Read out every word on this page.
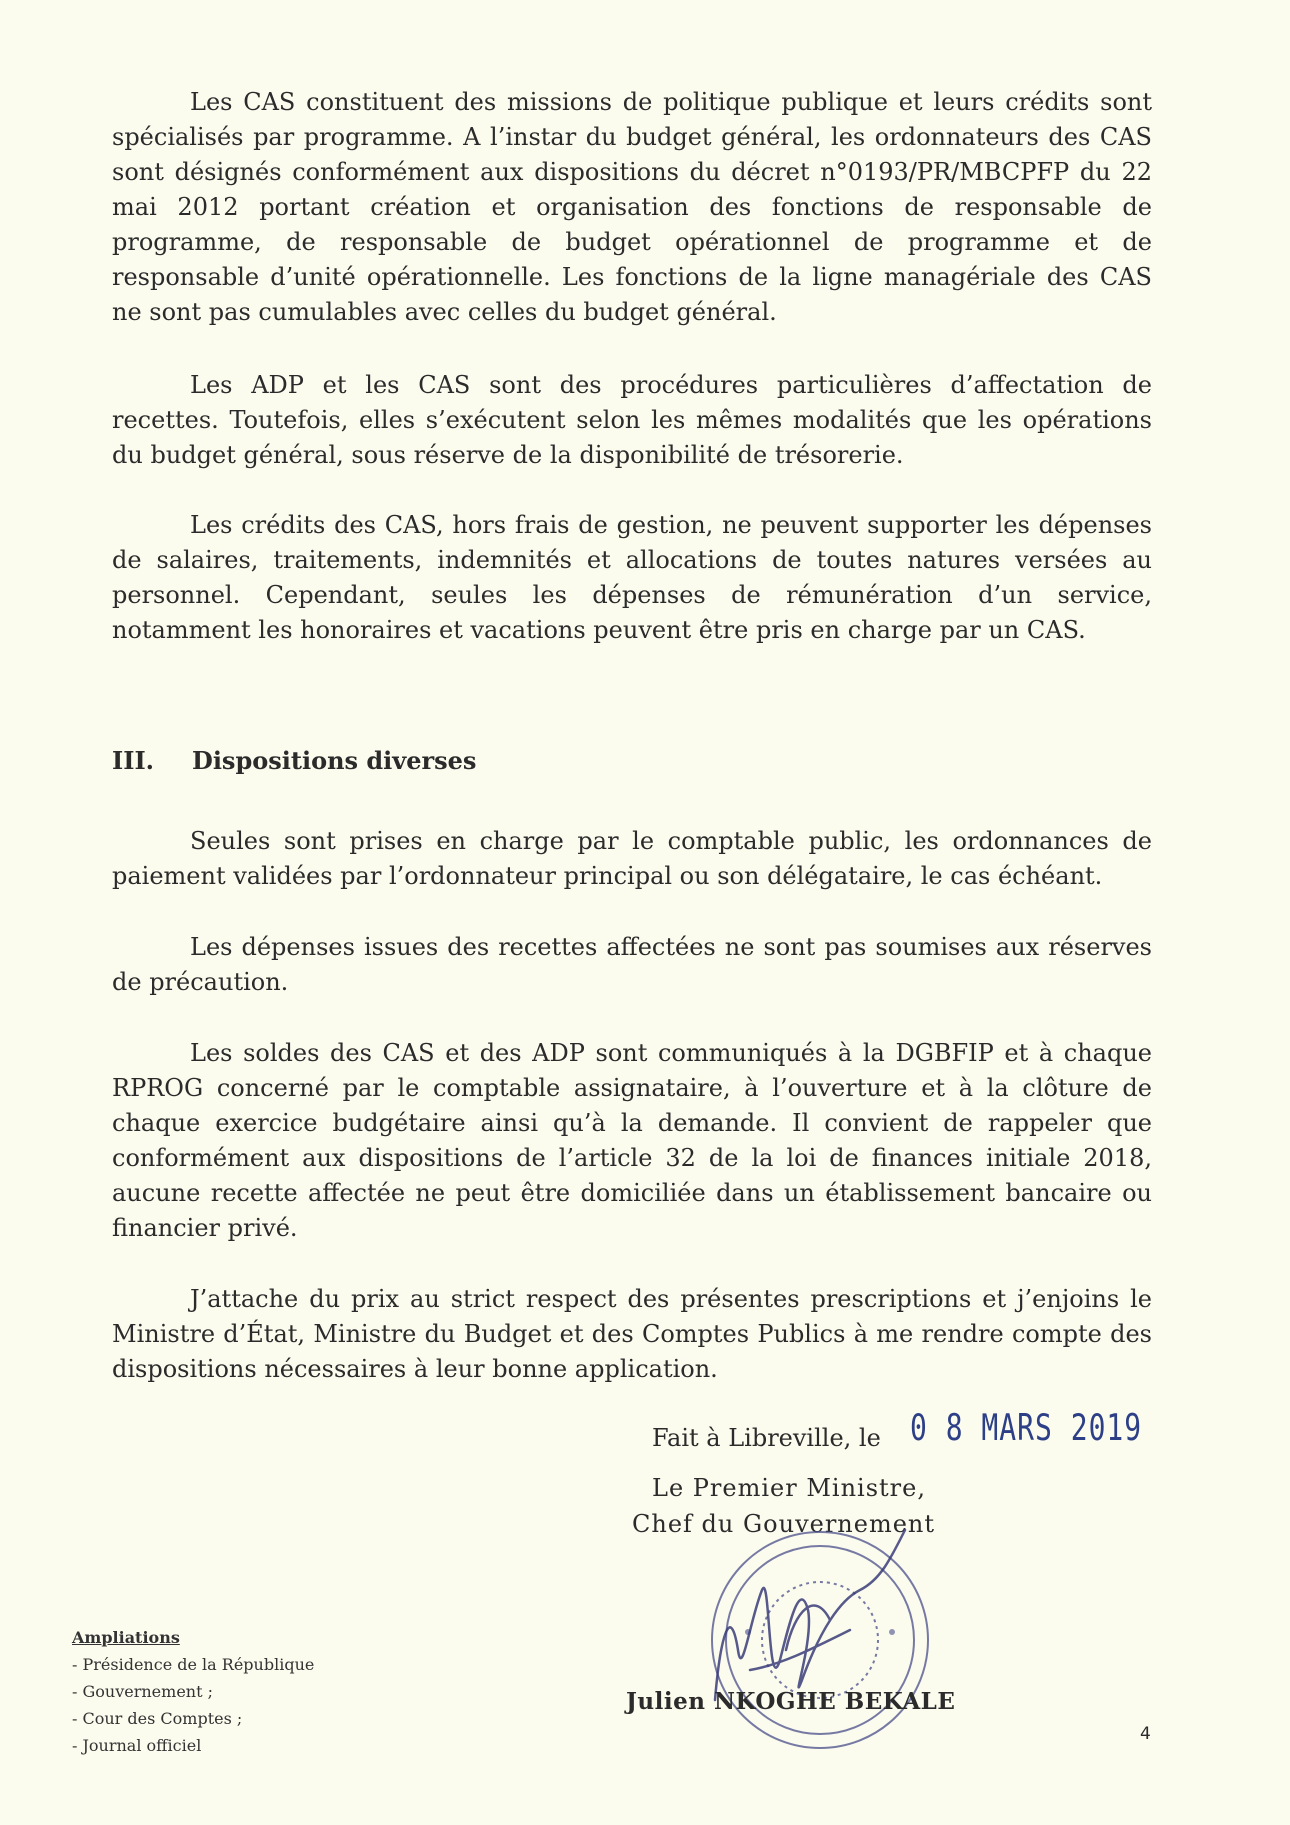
Les CAS constituent des missions de politique publique et leurs crédits sont spécialisés par programme. A l’instar du budget général, les ordonnateurs des CAS sont désignés conformément aux dispositions du décret n°0193/PR/MBCPFP du 22 mai 2012 portant création et organisation des fonctions de responsable de programme, de responsable de budget opérationnel de programme et de responsable d’unité opérationnelle. Les fonctions de la ligne managériale des CAS ne sont pas cumulables avec celles du budget général.

Les ADP et les CAS sont des procédures particulières d’affectation de recettes. Toutefois, elles s’exécutent selon les mêmes modalités que les opérations du budget général, sous réserve de la disponibilité de trésorerie.

Les crédits des CAS, hors frais de gestion, ne peuvent supporter les dépenses de salaires, traitements, indemnités et allocations de toutes natures versées au personnel. Cependant, seules les dépenses de rémunération d’un service, notamment les honoraires et vacations peuvent être pris en charge par un CAS.

III. Dispositions diverses

Seules sont prises en charge par le comptable public, les ordonnances de paiement validées par l’ordonnateur principal ou son délégataire, le cas échéant.

Les dépenses issues des recettes affectées ne sont pas soumises aux réserves de précaution.

Les soldes des CAS et des ADP sont communiqués à la DGBFIP et à chaque RPROG concerné par le comptable assignataire, à l’ouverture et à la clôture de chaque exercice budgétaire ainsi qu’à la demande. Il convient de rappeler que conformément aux dispositions de l’article 32 de la loi de finances initiale 2018, aucune recette affectée ne peut être domiciliée dans un établissement bancaire ou financier privé.

J’attache du prix au strict respect des présentes prescriptions et j’enjoins le Ministre d’État, Ministre du Budget et des Comptes Publics à me rendre compte des dispositions nécessaires à leur bonne application.

Fait à Libreville, le 0 8 MARS 2019
Le Premier Ministre,
Chef du Gouvernement
Julien NKOGHE BEKALE
Ampliations
- Présidence de la République
- Gouvernement ;
- Cour des Comptes ;
- Journal officiel
4
